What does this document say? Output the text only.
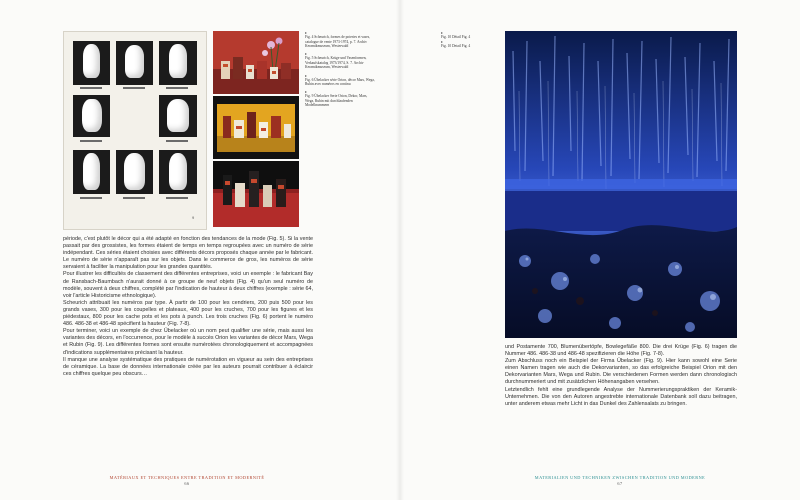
9
▸
Fig. 4 Scheurich, formes de poteries et vases, catalogue de vente 1973-1974, p. 7. Archiv Keramikmuseum, Westerwald
▸
Fig. 5 Scheurich, Krüge und Vasenformen, Verkaufskatalog 1973/1974, S. 7. Archiv Keramikmuseum, Westerwald
▸
Fig. 6 Übelacker série Orion, décor Mars, Wega, Rubin avec numéros en continu
▸
Fig. 9 Übelacker Serie Orion, Dekor, Mars, Wega, Rubin mit durchlaufenden Modellnummern

période, c'est plutôt le décor qui a été adapté en fonction des tendances de la mode (Fig. 5). Si la vente passait par des grossistes, les formes étaient de temps en temps regroupées avec un numéro de série indépendant. Ces séries étaient choisies avec différents décors proposés chaque année par le fabricant. Le numéro de série n'apparaît pas sur les objets. Dans le commerce de gros, les numéros de série servaient à faciliter la manipulation pour les grandes quantités.

Pour illustrer les difficultés de classement des différentes entreprises, voici un exemple : le fabricant Bay de Ransbach-Baumbach n'aurait donné à ce groupe de neuf objets (Fig. 4) qu'un seul numéro de modèle, souvent à deux chiffres, complété par l'indication de hauteur à deux chiffres (exemple : série 64, voir l'article Historicisme ethnologique).

Scheurich attribuait les numéros par type. À partir de 100 pour les cendriers, 200 puis 500 pour les grands vases, 300 pour les coupelles et plateaux, 400 pour les cruches, 700 pour les figures et les piédestaux, 800 pour les cache pots et les pots à punch. Les trois cruches (Fig. 6) portent le numéro 486. 486-38 et 486-48 spécifient la hauteur (Fig. 7-8).

Pour terminer, voici un exemple de chez Übelacker où un nom peut qualifier une série, mais aussi les variantes des décors, en l'occurrence, pour le modèle à succès Orion les variantes de décor Mars, Wega et Rubin (Fig. 9). Les différentes formes sont ensuite numérotées chronologiquement et accompagnées d'indications supplémentaires précisant la hauteur.

Il manque une analyse systématique des pratiques de numérotation en vigueur au sein des entreprises de céramique. La base de données internationale créée par les auteurs pourrait contribuer à éclaircir ces chiffres quelque peu obscurs…

MATÉRIAUX ET TECHNIQUES ENTRE TRADITION ET MODERNITÉ
66
▸
Fig. 10 Détail Fig. 4
▸
Fig. 10 Detail Fig. 4

und Postamente 700, Blumenübertöpfe, Bowlegefäße 800. Die drei Krüge (Fig. 6) tragen die Nummer 486. 486-38 und 486-48 spezifizieren die Höhe (Fig. 7-8).

Zum Abschluss noch ein Beispiel der Firma Übelacker (Fig. 9). Hier kann sowohl eine Serie einen Namen tragen wie auch die Dekorvarianten, so das erfolgreiche Beispiel Orion mit den Dekorvarianten Mars, Wega und Rubin. Die verschiedenen Formen werden dann chronologisch durchnummeriert und mit zusätzlichen Höhenangaben versehen.

Letztendlich fehlt eine grundlegende Analyse der Nummerierungspraktiken der Keramik-Unternehmen. Die von den Autoren angestrebte internationale Datenbank soll dazu beitragen, unter anderem etwas mehr Licht in das Dunkel des Zahlensalats zu bringen.

MATERIALIEN UND TECHNIKEN ZWISCHEN TRADITION UND MODERNE
67
